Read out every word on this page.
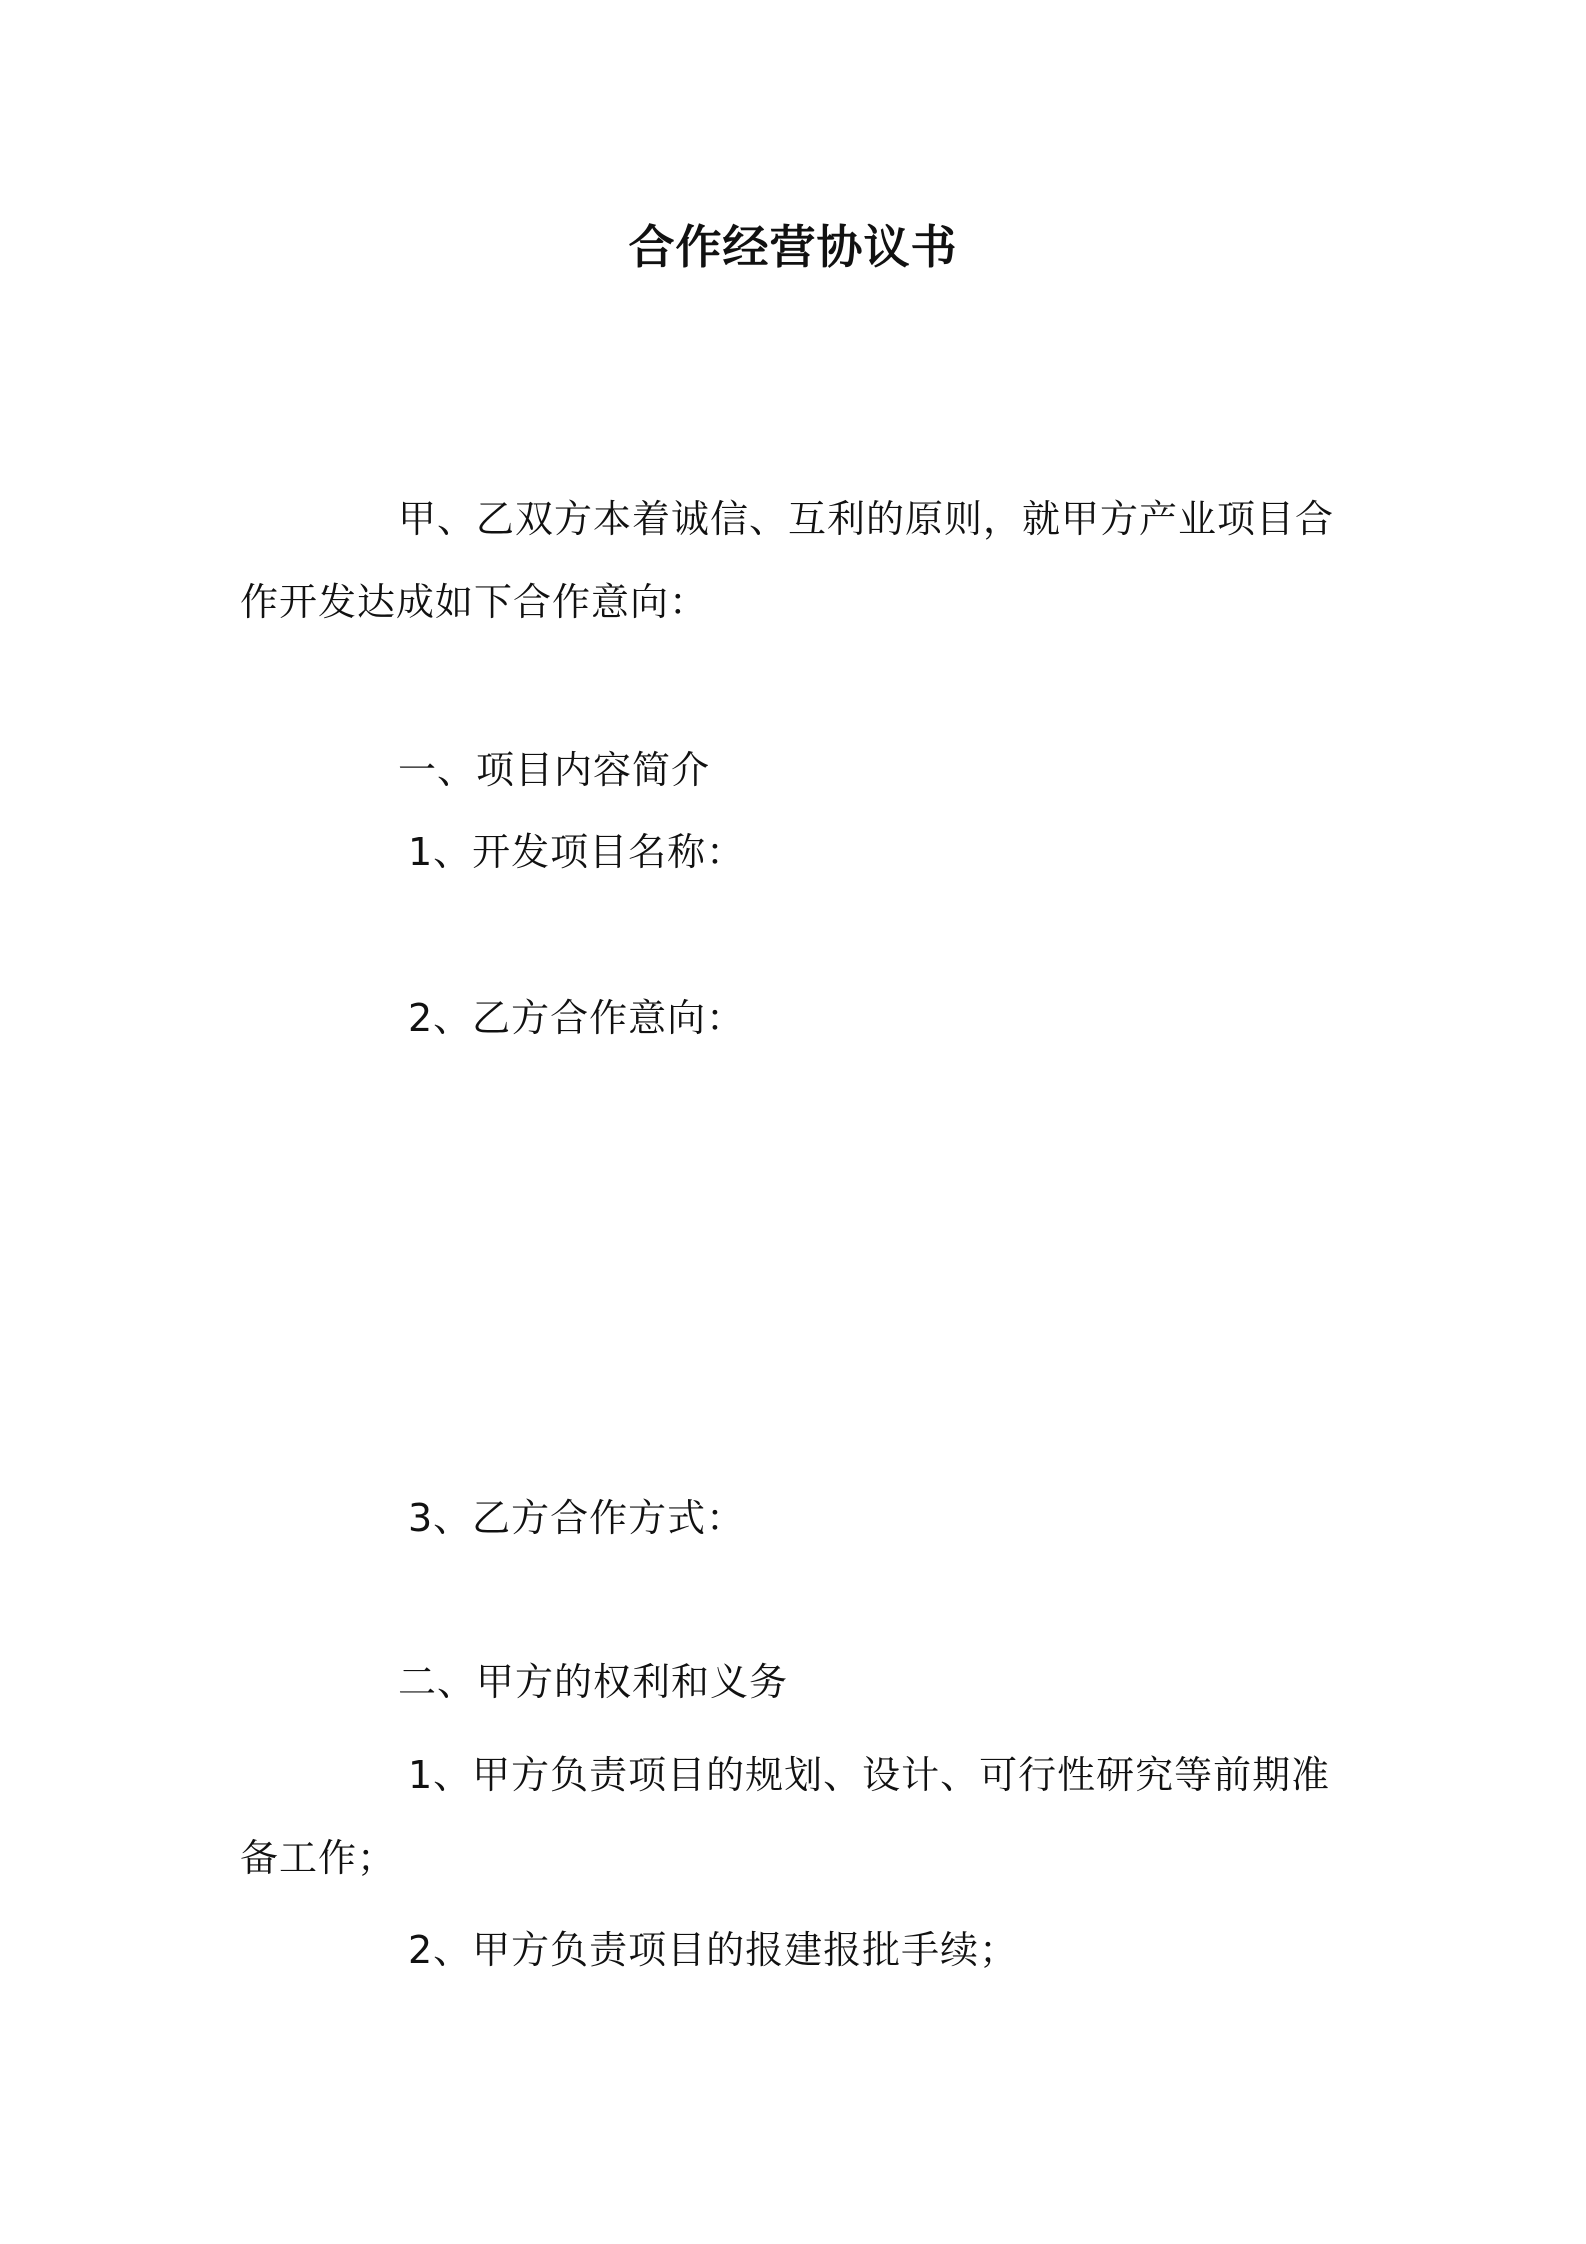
合作经营协议书
甲、乙双方本着诚信、互利的原则，就甲方产业项目合作开发达成如下合作意向：
一、项目内容简介
1、开发项目名称：
2、乙方合作意向：
3、乙方合作方式：
二、甲方的权利和义务
1、甲方负责项目的规划、设计、可行性研究等前期准备工作；
2、甲方负责项目的报建报批手续；
